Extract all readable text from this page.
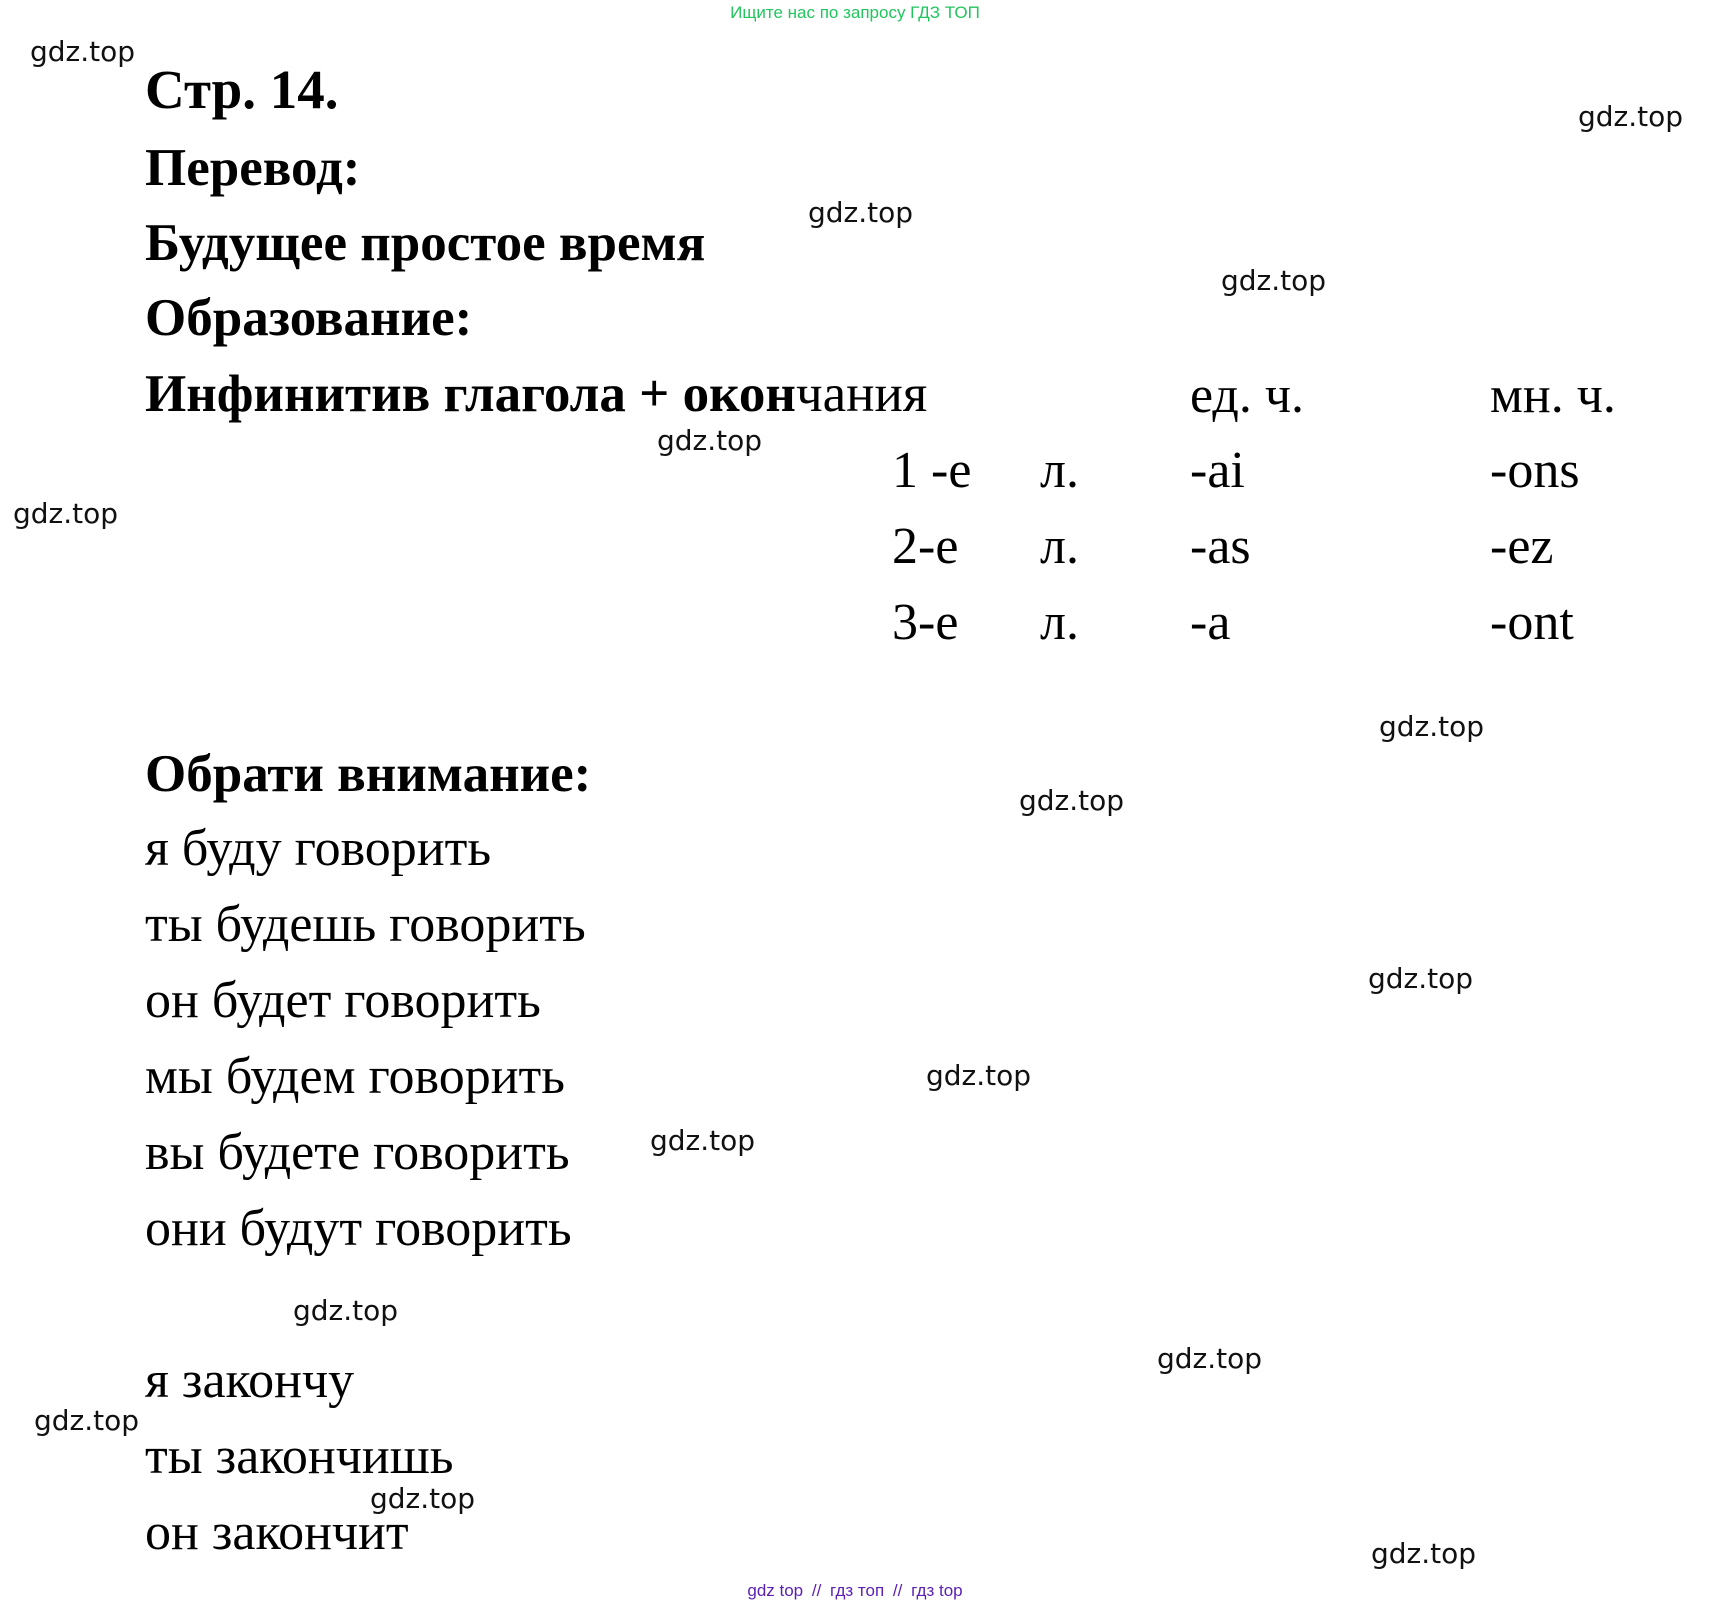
Ищите нас по запросу ГДЗ ТОП
Стр. 14.
Перевод:
Будущее простое время
Образование:
Инфинитив глагола + окончания	ед. ч.	мн. ч.
1 -е л. -ai	-ons
2-е л. -as	-ez
3-е л. -a	-ont
Обрати внимание:
я буду говорить
ты будешь говорить
он будет говорить
мы будем говорить
вы будете говорить
они будут говорить
я закончу
ты закончишь
он закончит
gdz.top
gdz.top
gdz.top
gdz.top
gdz.top
gdz.top
gdz.top
gdz.top
gdz.top
gdz.top
gdz.top
gdz.top
gdz.top
gdz.top
gdz.top
gdz.top
gdz top // гдз топ // гдз top
